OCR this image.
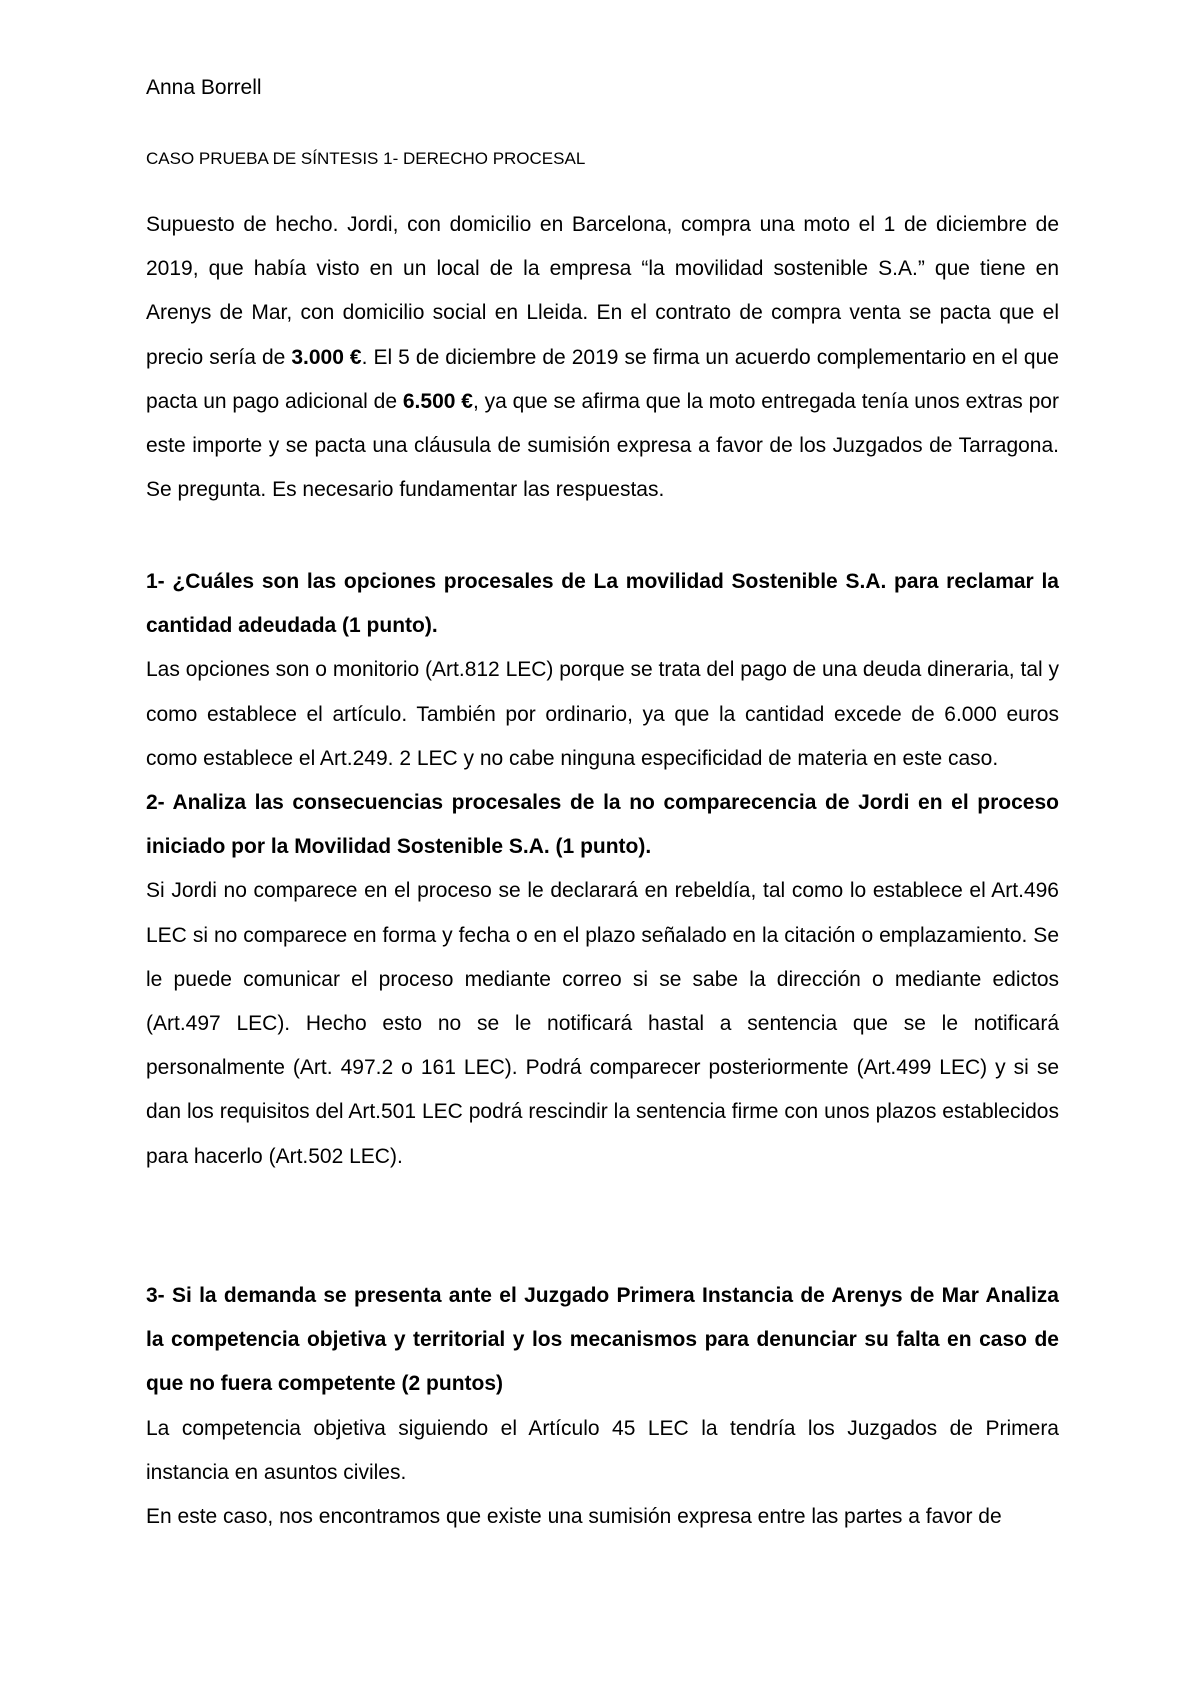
Anna Borrell
CASO PRUEBA DE SÍNTESIS 1- DERECHO PROCESAL

Supuesto de hecho. Jordi, con domicilio en Barcelona, compra una moto el 1 de diciembre de 2019, que había visto en un local de la empresa “la movilidad sostenible S.A.” que tiene en Arenys de Mar, con domicilio social en Lleida. En el contrato de compra venta se pacta que el precio sería de 3.000 €. El 5 de diciembre de 2019 se firma un acuerdo complementario en el que pacta un pago adicional de 6.500 €, ya que se afirma que la moto entregada tenía unos extras por este importe y se pacta una cláusula de sumisión expresa a favor de los Juzgados de Tarragona. Se pregunta. Es necesario fundamentar las respuestas.

1- ¿Cuáles son las opciones procesales de La movilidad Sostenible S.A. para reclamar la cantidad adeudada (1 punto).

Las opciones son o monitorio (Art.812 LEC) porque se trata del pago de una deuda dineraria, tal y como establece el artículo. También por ordinario, ya que la cantidad excede de 6.000 euros como establece el Art.249. 2 LEC y no cabe ninguna especificidad de materia en este caso.

2- Analiza las consecuencias procesales de la no comparecencia de Jordi en el proceso iniciado por la Movilidad Sostenible S.A. (1 punto).

Si Jordi no comparece en el proceso se le declarará en rebeldía, tal como lo establece el Art.496 LEC si no comparece en forma y fecha o en el plazo señalado en la citación o emplazamiento. Se le puede comunicar el proceso mediante correo si se sabe la dirección o mediante edictos (Art.497 LEC). Hecho esto no se le notificará hastal a sentencia que se le notificará personalmente (Art. 497.2 o 161 LEC). Podrá comparecer posteriormente (Art.499 LEC) y si se dan los requisitos del Art.501 LEC podrá rescindir la sentencia firme con unos plazos establecidos para hacerlo (Art.502 LEC).

3- Si la demanda se presenta ante el Juzgado Primera Instancia de Arenys de Mar Analiza la competencia objetiva y territorial y los mecanismos para denunciar su falta en caso de que no fuera competente (2 puntos)

La competencia objetiva siguiendo el Artículo 45 LEC la tendría los Juzgados de Primera instancia en asuntos civiles.

En este caso, nos encontramos que existe una sumisión expresa entre las partes a favor de
